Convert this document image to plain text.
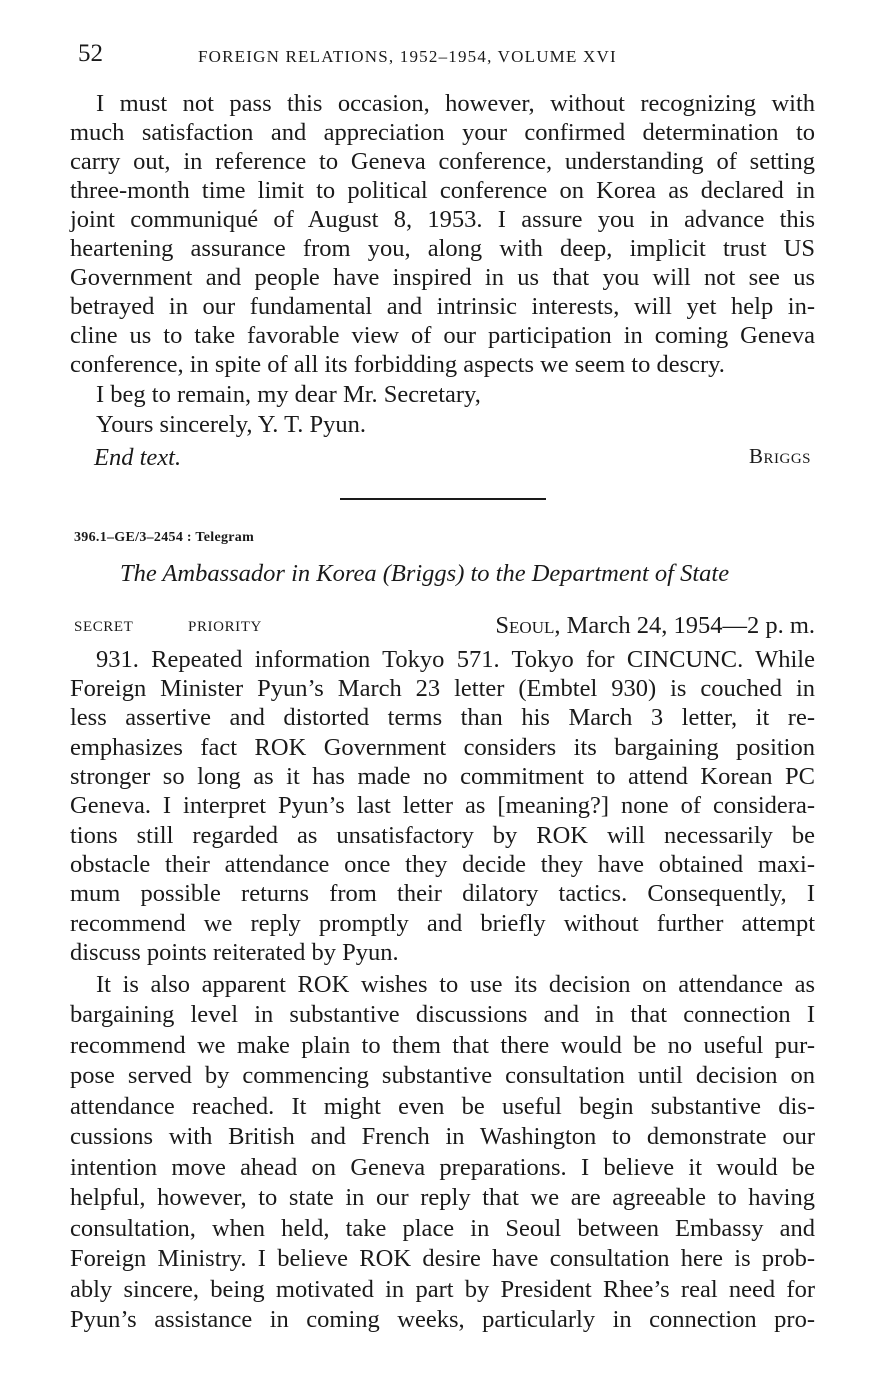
52	FOREIGN RELATIONS, 1952–1954, VOLUME XVI
I must not pass this occasion, however, without recognizing with
much satisfaction and appreciation your confirmed determination to
carry out, in reference to Geneva conference, understanding of setting
three-month time limit to political conference on Korea as declared in
joint communiqué of August 8, 1953. I assure you in advance this
heartening assurance from you, along with deep, implicit trust US
Government and people have inspired in us that you will not see us
betrayed in our fundamental and intrinsic interests, will yet help in-
cline us to take favorable view of our participation in coming Geneva
conference, in spite of all its forbidding aspects we seem to descry.
I beg to remain, my dear Mr. Secretary,
Yours sincerely, Y. T. Pyun.
End text.	Briggs
396.1–GE/3–2454 : Telegram
The Ambassador in Korea (Briggs) to the Department of State
SECRET	PRIORITY	Seoul, March 24, 1954—2 p. m.
931. Repeated information Tokyo 571. Tokyo for CINCUNC. While
Foreign Minister Pyun’s March 23 letter (Embtel 930) is couched in
less assertive and distorted terms than his March 3 letter, it re-
emphasizes fact ROK Government considers its bargaining position
stronger so long as it has made no commitment to attend Korean PC
Geneva. I interpret Pyun’s last letter as [meaning?] none of considera-
tions still regarded as unsatisfactory by ROK will necessarily be
obstacle their attendance once they decide they have obtained maxi-
mum possible returns from their dilatory tactics. Consequently, I
recommend we reply promptly and briefly without further attempt
discuss points reiterated by Pyun.
It is also apparent ROK wishes to use its decision on attendance as
bargaining level in substantive discussions and in that connection I
recommend we make plain to them that there would be no useful pur-
pose served by commencing substantive consultation until decision on
attendance reached. It might even be useful begin substantive dis-
cussions with British and French in Washington to demonstrate our
intention move ahead on Geneva preparations. I believe it would be
helpful, however, to state in our reply that we are agreeable to having
consultation, when held, take place in Seoul between Embassy and
Foreign Ministry. I believe ROK desire have consultation here is prob-
ably sincere, being motivated in part by President Rhee’s real need for
Pyun’s assistance in coming weeks, particularly in connection pro-
